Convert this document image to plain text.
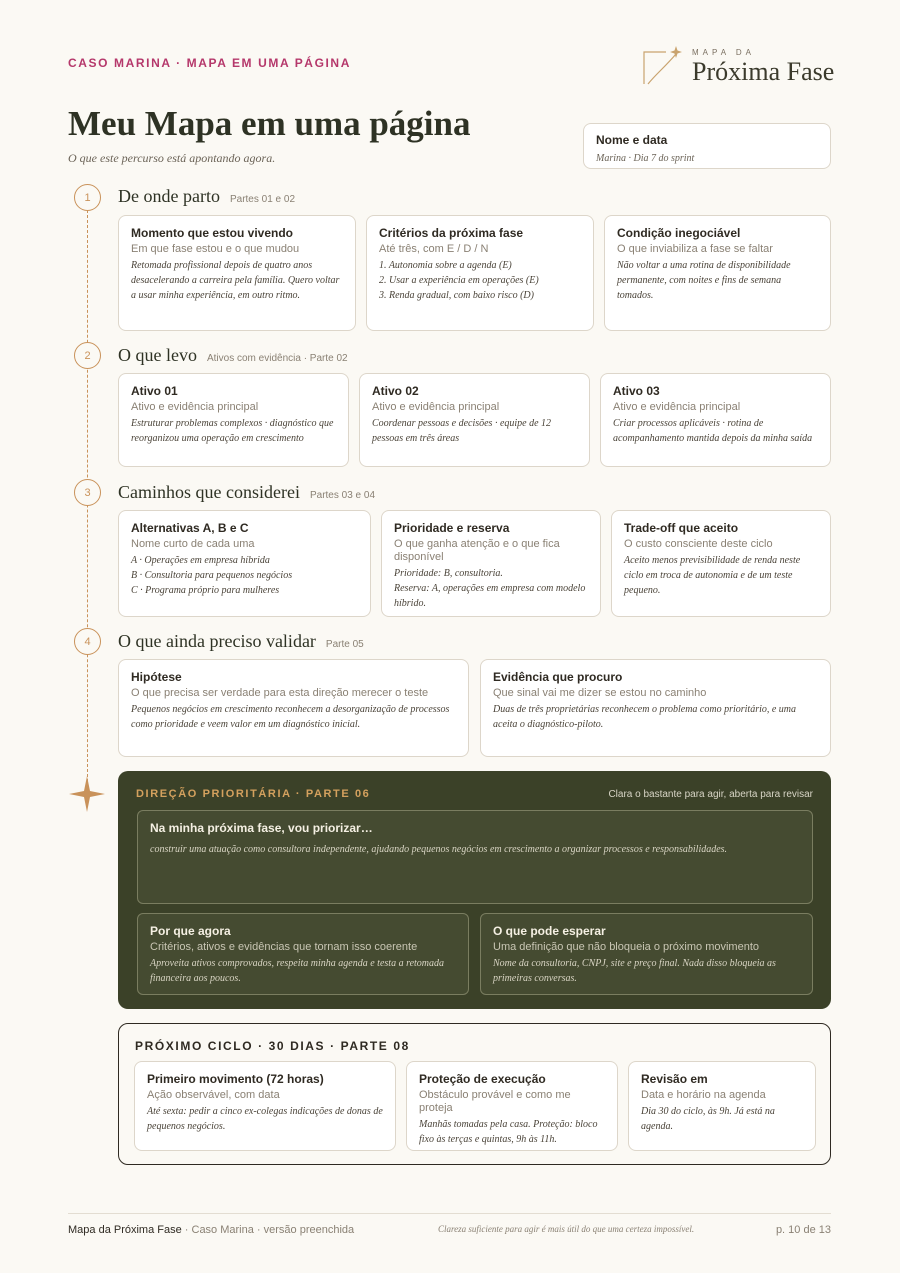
CASO MARINA · MAPA EM UMA PÁGINA
MAPA DA
Próxima Fase
Meu Mapa em uma página
O que este percurso está apontando agora.
Nome e data
Marina · Dia 7 do sprint
1
2
3
4
De onde parto Partes 01 e 02
Momento que estou vivendo
Em que fase estou e o que mudou
Retomada profissional depois de quatro anos desacelerando a carreira pela família. Quero voltar a usar minha experiência, em outro ritmo.
Critérios da próxima fase
Até três, com E / D / N
1. Autonomia sobre a agenda (E)
2. Usar a experiência em operações (E)
3. Renda gradual, com baixo risco (D)
Condição inegociável
O que inviabiliza a fase se faltar
Não voltar a uma rotina de disponibilidade permanente, com noites e fins de semana tomados.
O que levo Ativos com evidência · Parte 02
Ativo 01
Ativo e evidência principal
Estruturar problemas complexos · diagnóstico que reorganizou uma operação em crescimento
Ativo 02
Ativo e evidência principal
Coordenar pessoas e decisões · equipe de 12 pessoas em três áreas
Ativo 03
Ativo e evidência principal
Criar processos aplicáveis · rotina de acompanhamento mantida depois da minha saída
Caminhos que considerei Partes 03 e 04
Alternativas A, B e C
Nome curto de cada uma
A · Operações em empresa híbrida
B · Consultoria para pequenos negócios
C · Programa próprio para mulheres
Prioridade e reserva
O que ganha atenção e o que fica disponível
Prioridade: B, consultoria.
Reserva: A, operações em empresa com modelo híbrido.
Trade-off que aceito
O custo consciente deste ciclo
Aceito menos previsibilidade de renda neste ciclo em troca de autonomia e de um teste pequeno.
O que ainda preciso validar Parte 05
Hipótese
O que precisa ser verdade para esta direção merecer o teste
Pequenos negócios em crescimento reconhecem a desorganização de processos como prioridade e veem valor em um diagnóstico inicial.
Evidência que procuro
Que sinal vai me dizer se estou no caminho
Duas de três proprietárias reconhecem o problema como prioritário, e uma aceita o diagnóstico-piloto.
DIREÇÃO PRIORITÁRIA · PARTE 06	Clara o bastante para agir, aberta para revisar
Na minha próxima fase, vou priorizar…
construir uma atuação como consultora independente, ajudando pequenos negócios em crescimento a organizar processos e responsabilidades.
Por que agora
Critérios, ativos e evidências que tornam isso coerente
Aproveita ativos comprovados, respeita minha agenda e testa a retomada financeira aos poucos.
O que pode esperar
Uma definição que não bloqueia o próximo movimento
Nome da consultoria, CNPJ, site e preço final. Nada disso bloqueia as primeiras conversas.
PRÓXIMO CICLO · 30 DIAS · PARTE 08
Primeiro movimento (72 horas)
Ação observável, com data
Até sexta: pedir a cinco ex-colegas indicações de donas de pequenos negócios.
Proteção de execução
Obstáculo provável e como me proteja
Manhãs tomadas pela casa. Proteção: bloco fixo às terças e quintas, 9h às 11h.
Revisão em
Data e horário na agenda
Dia 30 do ciclo, às 9h. Já está na agenda.
Mapa da Próxima Fase · Caso Marina · versão preenchida	Clareza suficiente para agir é mais útil do que uma certeza impossível.	p. 10 de 13
